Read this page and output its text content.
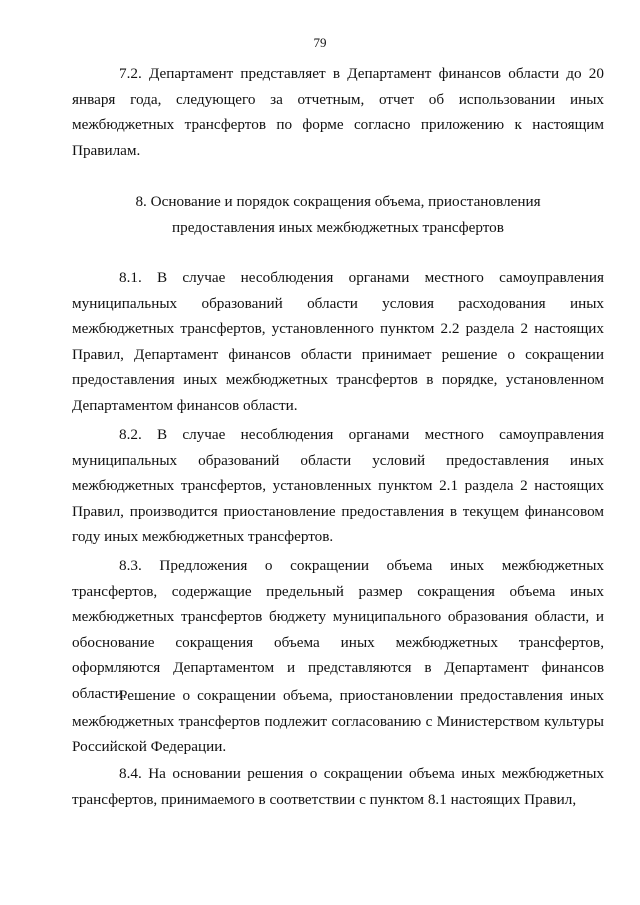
79

7.2. Департамент представляет в Департамент финансов области до 20 января года, следующего за отчетным, отчет об использовании иных межбюджетных трансфертов по форме согласно приложению к настоящим Правилам.

8. Основание и порядок сокращения объема, приостановления

предоставления иных межбюджетных трансфертов

8.1. В случае несоблюдения органами местного самоуправления муниципальных образований области условия расходования иных межбюджетных трансфертов, установленного пунктом 2.2 раздела 2 настоящих Правил, Департамент финансов области принимает решение о сокращении предоставления иных межбюджетных трансфертов в порядке, установленном Департаментом финансов области.

8.2. В случае несоблюдения органами местного самоуправления муниципальных образований области условий предоставления иных межбюджетных трансфертов, установленных пунктом 2.1 раздела 2 настоящих Правил, производится приостановление предоставления в текущем финансовом году иных межбюджетных трансфертов.

8.3. Предложения о сокращении объема иных межбюджетных трансфертов, содержащие предельный размер сокращения объема иных межбюджетных трансфертов бюджету муниципального образования области, и обоснование сокращения объема иных межбюджетных трансфертов, оформляются Департаментом и представляются в Департамент финансов области.

Решение о сокращении объема, приостановлении предоставления иных межбюджетных трансфертов подлежит согласованию с Министерством культуры Российской Федерации.

8.4. На основании решения о сокращении объема иных межбюджетных трансфертов, принимаемого в соответствии с пунктом 8.1 настоящих Правил,
